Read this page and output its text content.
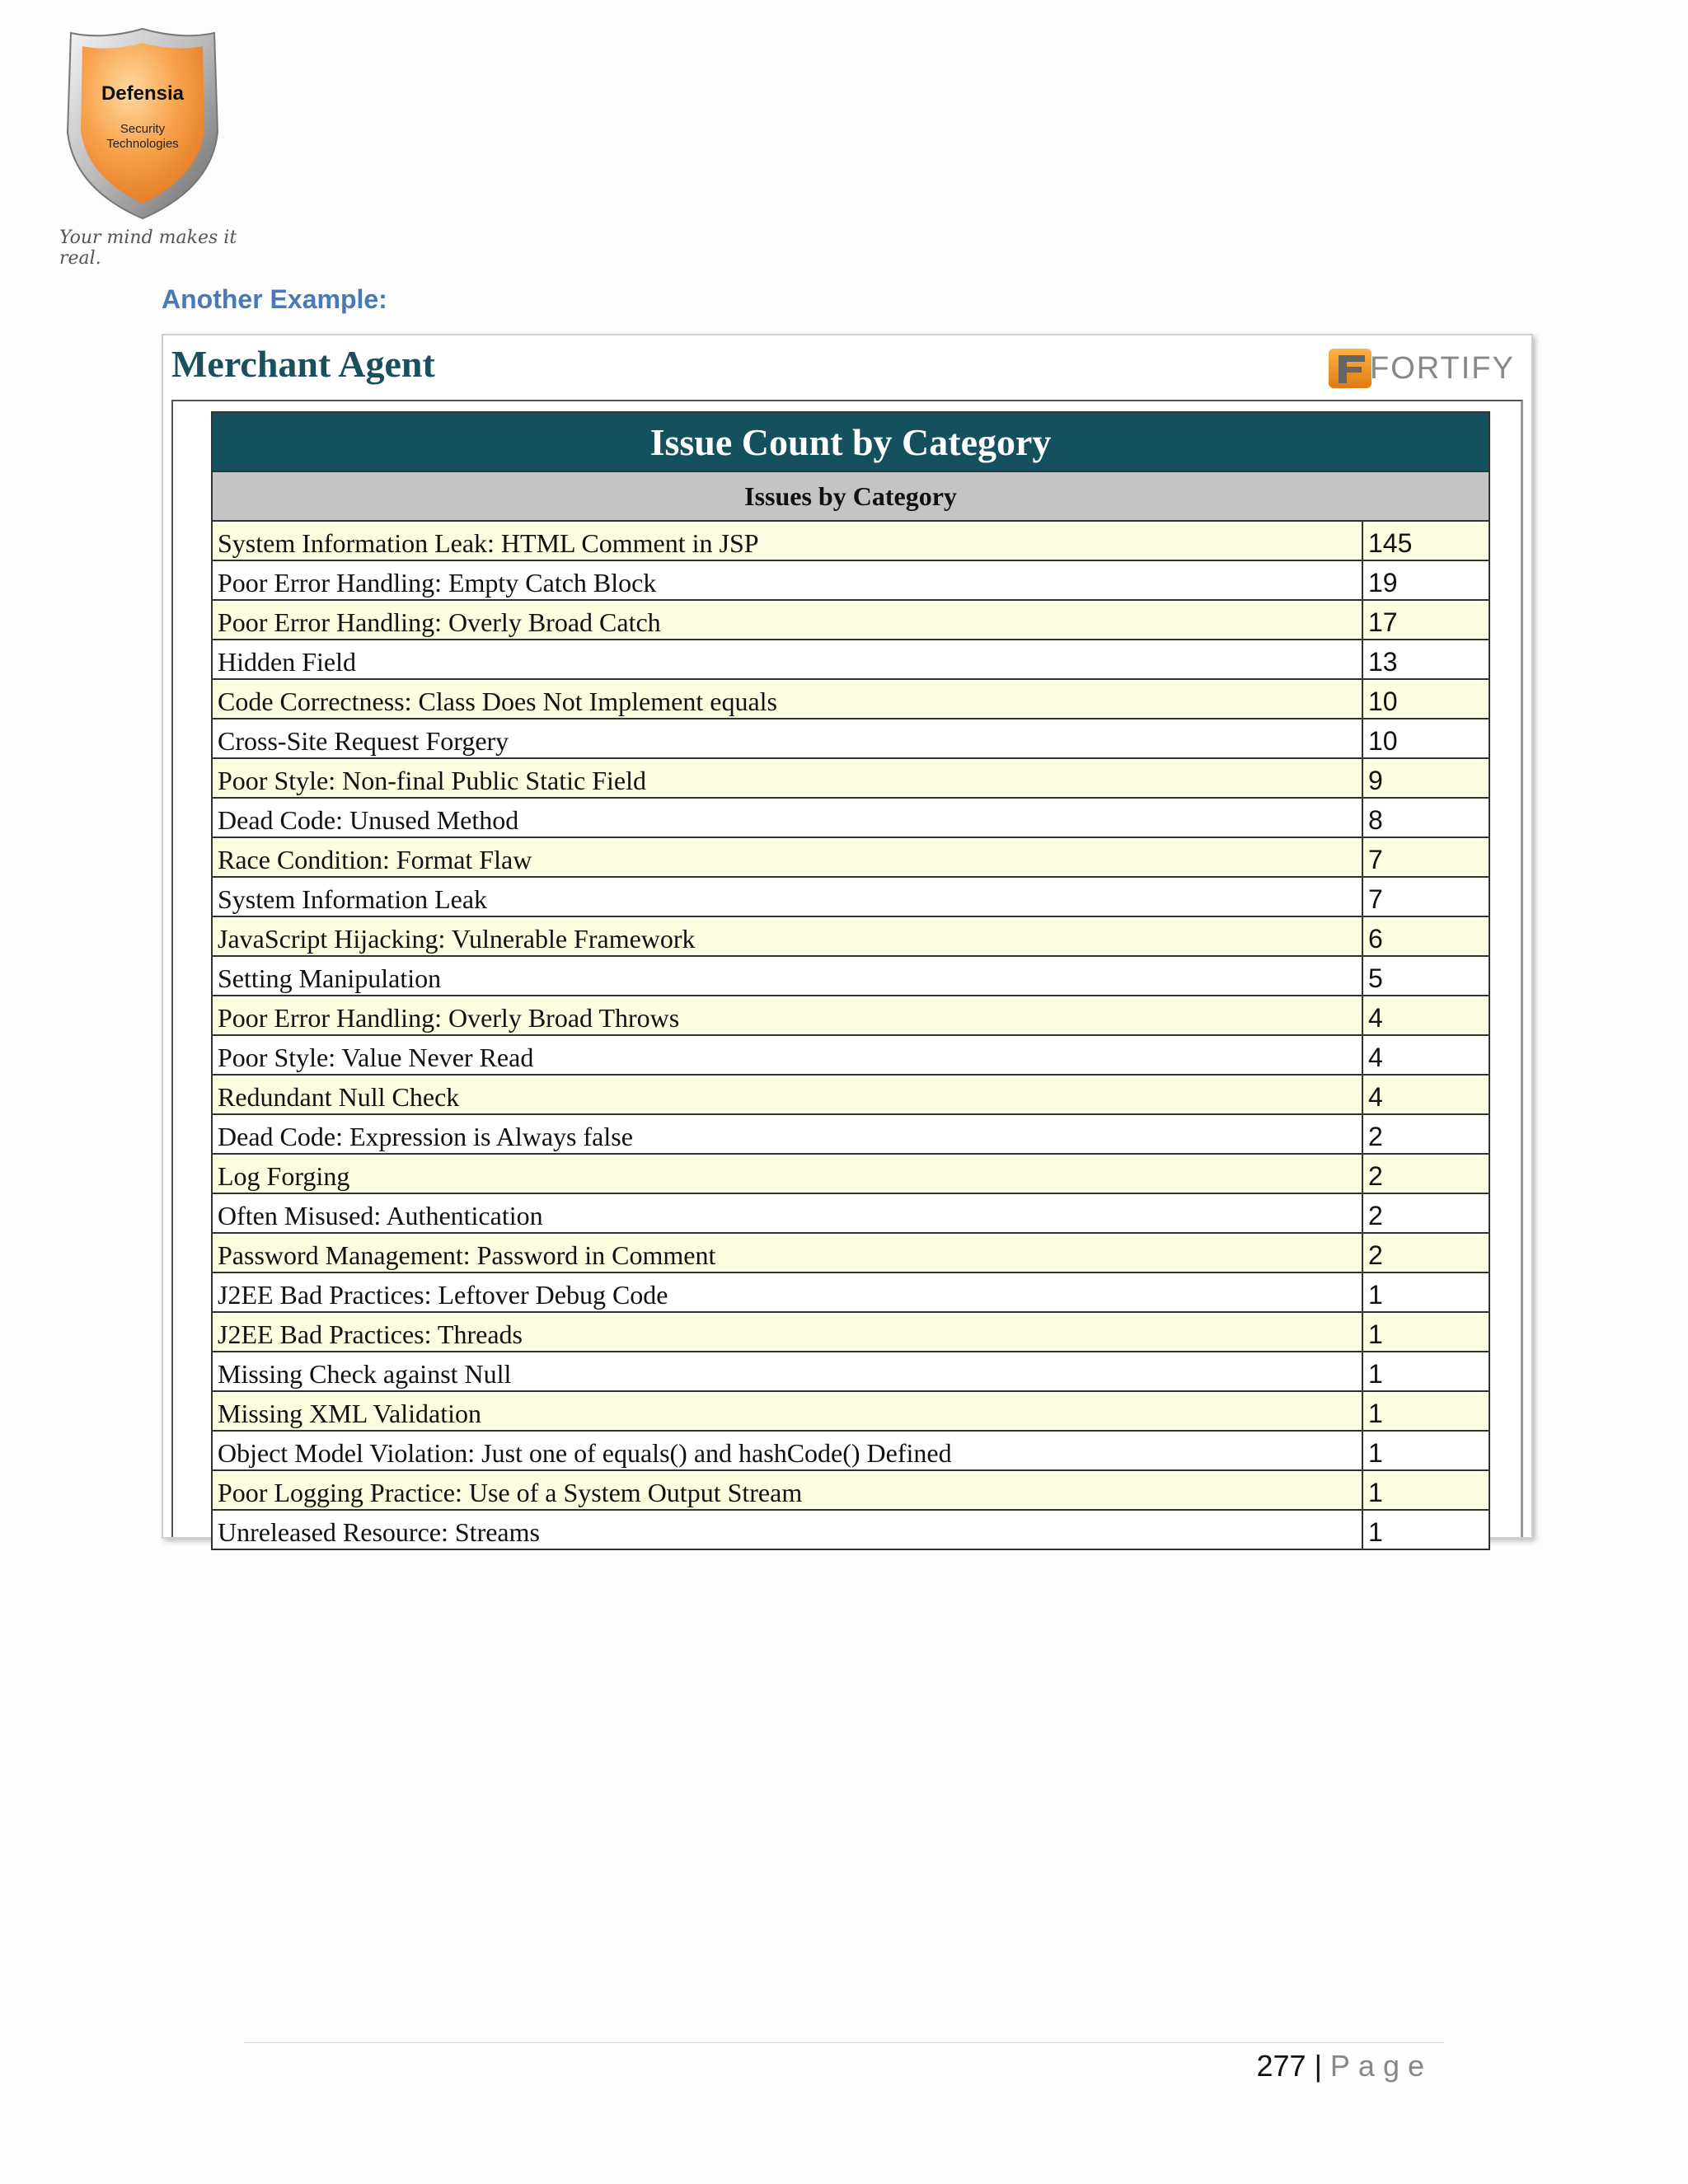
Defensia
Security
Technologies
Your mind makes it real.
Another Example:
Merchant Agent	FORTIFY
Issue Count by Category	
Issues by Category	
System Information Leak: HTML Comment in JSP	145
Poor Error Handling: Empty Catch Block	19
Poor Error Handling: Overly Broad Catch	17
Hidden Field	13
Code Correctness: Class Does Not Implement equals	10
Cross-Site Request Forgery	10
Poor Style: Non-final Public Static Field	9
Dead Code: Unused Method	8
Race Condition: Format Flaw	7
System Information Leak	7
JavaScript Hijacking: Vulnerable Framework	6
Setting Manipulation	5
Poor Error Handling: Overly Broad Throws	4
Poor Style: Value Never Read	4
Redundant Null Check	4
Dead Code: Expression is Always false	2
Log Forging	2
Often Misused: Authentication	2
Password Management: Password in Comment	2
J2EE Bad Practices: Leftover Debug Code	1
J2EE Bad Practices: Threads	1
Missing Check against Null	1
Missing XML Validation	1
Object Model Violation: Just one of equals() and hashCode() Defined	1
Poor Logging Practice: Use of a System Output Stream	1
Unreleased Resource: Streams	1
277 | Page
